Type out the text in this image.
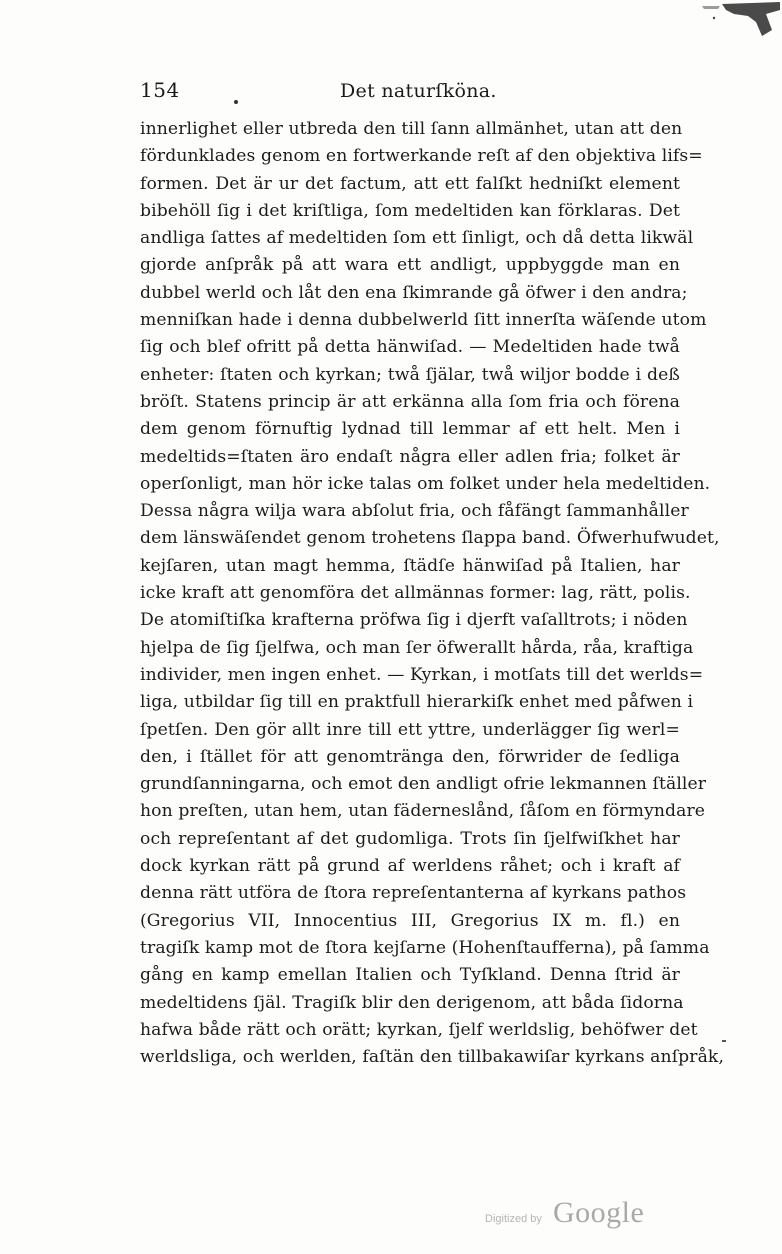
154	Det naturſköna.
innerlighet eller utbreda den till ſann allmänhet, utan att den
fördunklades genom en fortwerkande reſt af den objektiva lifs=
formen. Det är ur det factum, att ett falſkt hedniſkt element
bibehöll ſig i det kriſtliga, ſom medeltiden kan förklaras. Det
andliga ſattes af medeltiden ſom ett ſinligt, och då detta likwäl
gjorde anſpråk på att wara ett andligt, uppbyggde man en
dubbel werld och låt den ena ſkimrande gå öfwer i den andra;
menniſkan hade i denna dubbelwerld ſitt innerſta wäſende utom
ſig och blef ofritt på detta hänwiſad. — Medeltiden hade twå
enheter: ſtaten och kyrkan; twå ſjälar, twå wiljor bodde i deß
bröſt. Statens princip är att erkänna alla ſom fria och förena
dem genom förnuftig lydnad till lemmar af ett helt. Men i
medeltids=ſtaten äro endaſt några eller adlen fria; folket är
operſonligt, man hör icke talas om folket under hela medeltiden.
Dessa några wilja wara abſolut fria, och fåfängt ſammanhåller
dem länswäſendet genom trohetens ſlappa band. Öfwerhufwudet,
kejſaren, utan magt hemma, ſtädſe hänwiſad på Italien, har
icke kraft att genomföra det allmännas former: lag, rätt, polis.
De atomiſtiſka krafterna pröfwa ſig i djerft vaſalltrots; i nöden
hjelpa de ſig ſjelfwa, och man ſer öfwerallt hårda, råa, kraftiga
individer, men ingen enhet. — Kyrkan, i motſats till det werlds=
liga, utbildar ſig till en praktfull hierarkiſk enhet med påfwen i
ſpetſen. Den gör allt inre till ett yttre, underlägger ſig werl=
den, i ſtället för att genomtränga den, förwrider de ſedliga
grundſanningarna, och emot den andligt ofrie lekmannen ſtäller
hon preſten, utan hem, utan fäderneslånd, ſåſom en förmyndare
och repreſentant af det gudomliga. Trots ſin ſjelfwiſkhet har
dock kyrkan rätt på grund af werldens råhet; och i kraft af
denna rätt utföra de ſtora repreſentanterna af kyrkans pathos
(Gregorius VII, Innocentius III, Gregorius IX m. fl.) en
tragiſk kamp mot de ſtora kejſarne (Hohenſtaufferna), på ſamma
gång en kamp emellan Italien och Tyſkland. Denna ſtrid är
medeltidens ſjäl. Tragiſk blir den derigenom, att båda ſidorna
hafwa både rätt och orätt; kyrkan, ſjelf werldslig, behöfwer det
werldsliga, och werlden, faſtän den tillbakawiſar kyrkans anſpråk,
Digitized by Google
